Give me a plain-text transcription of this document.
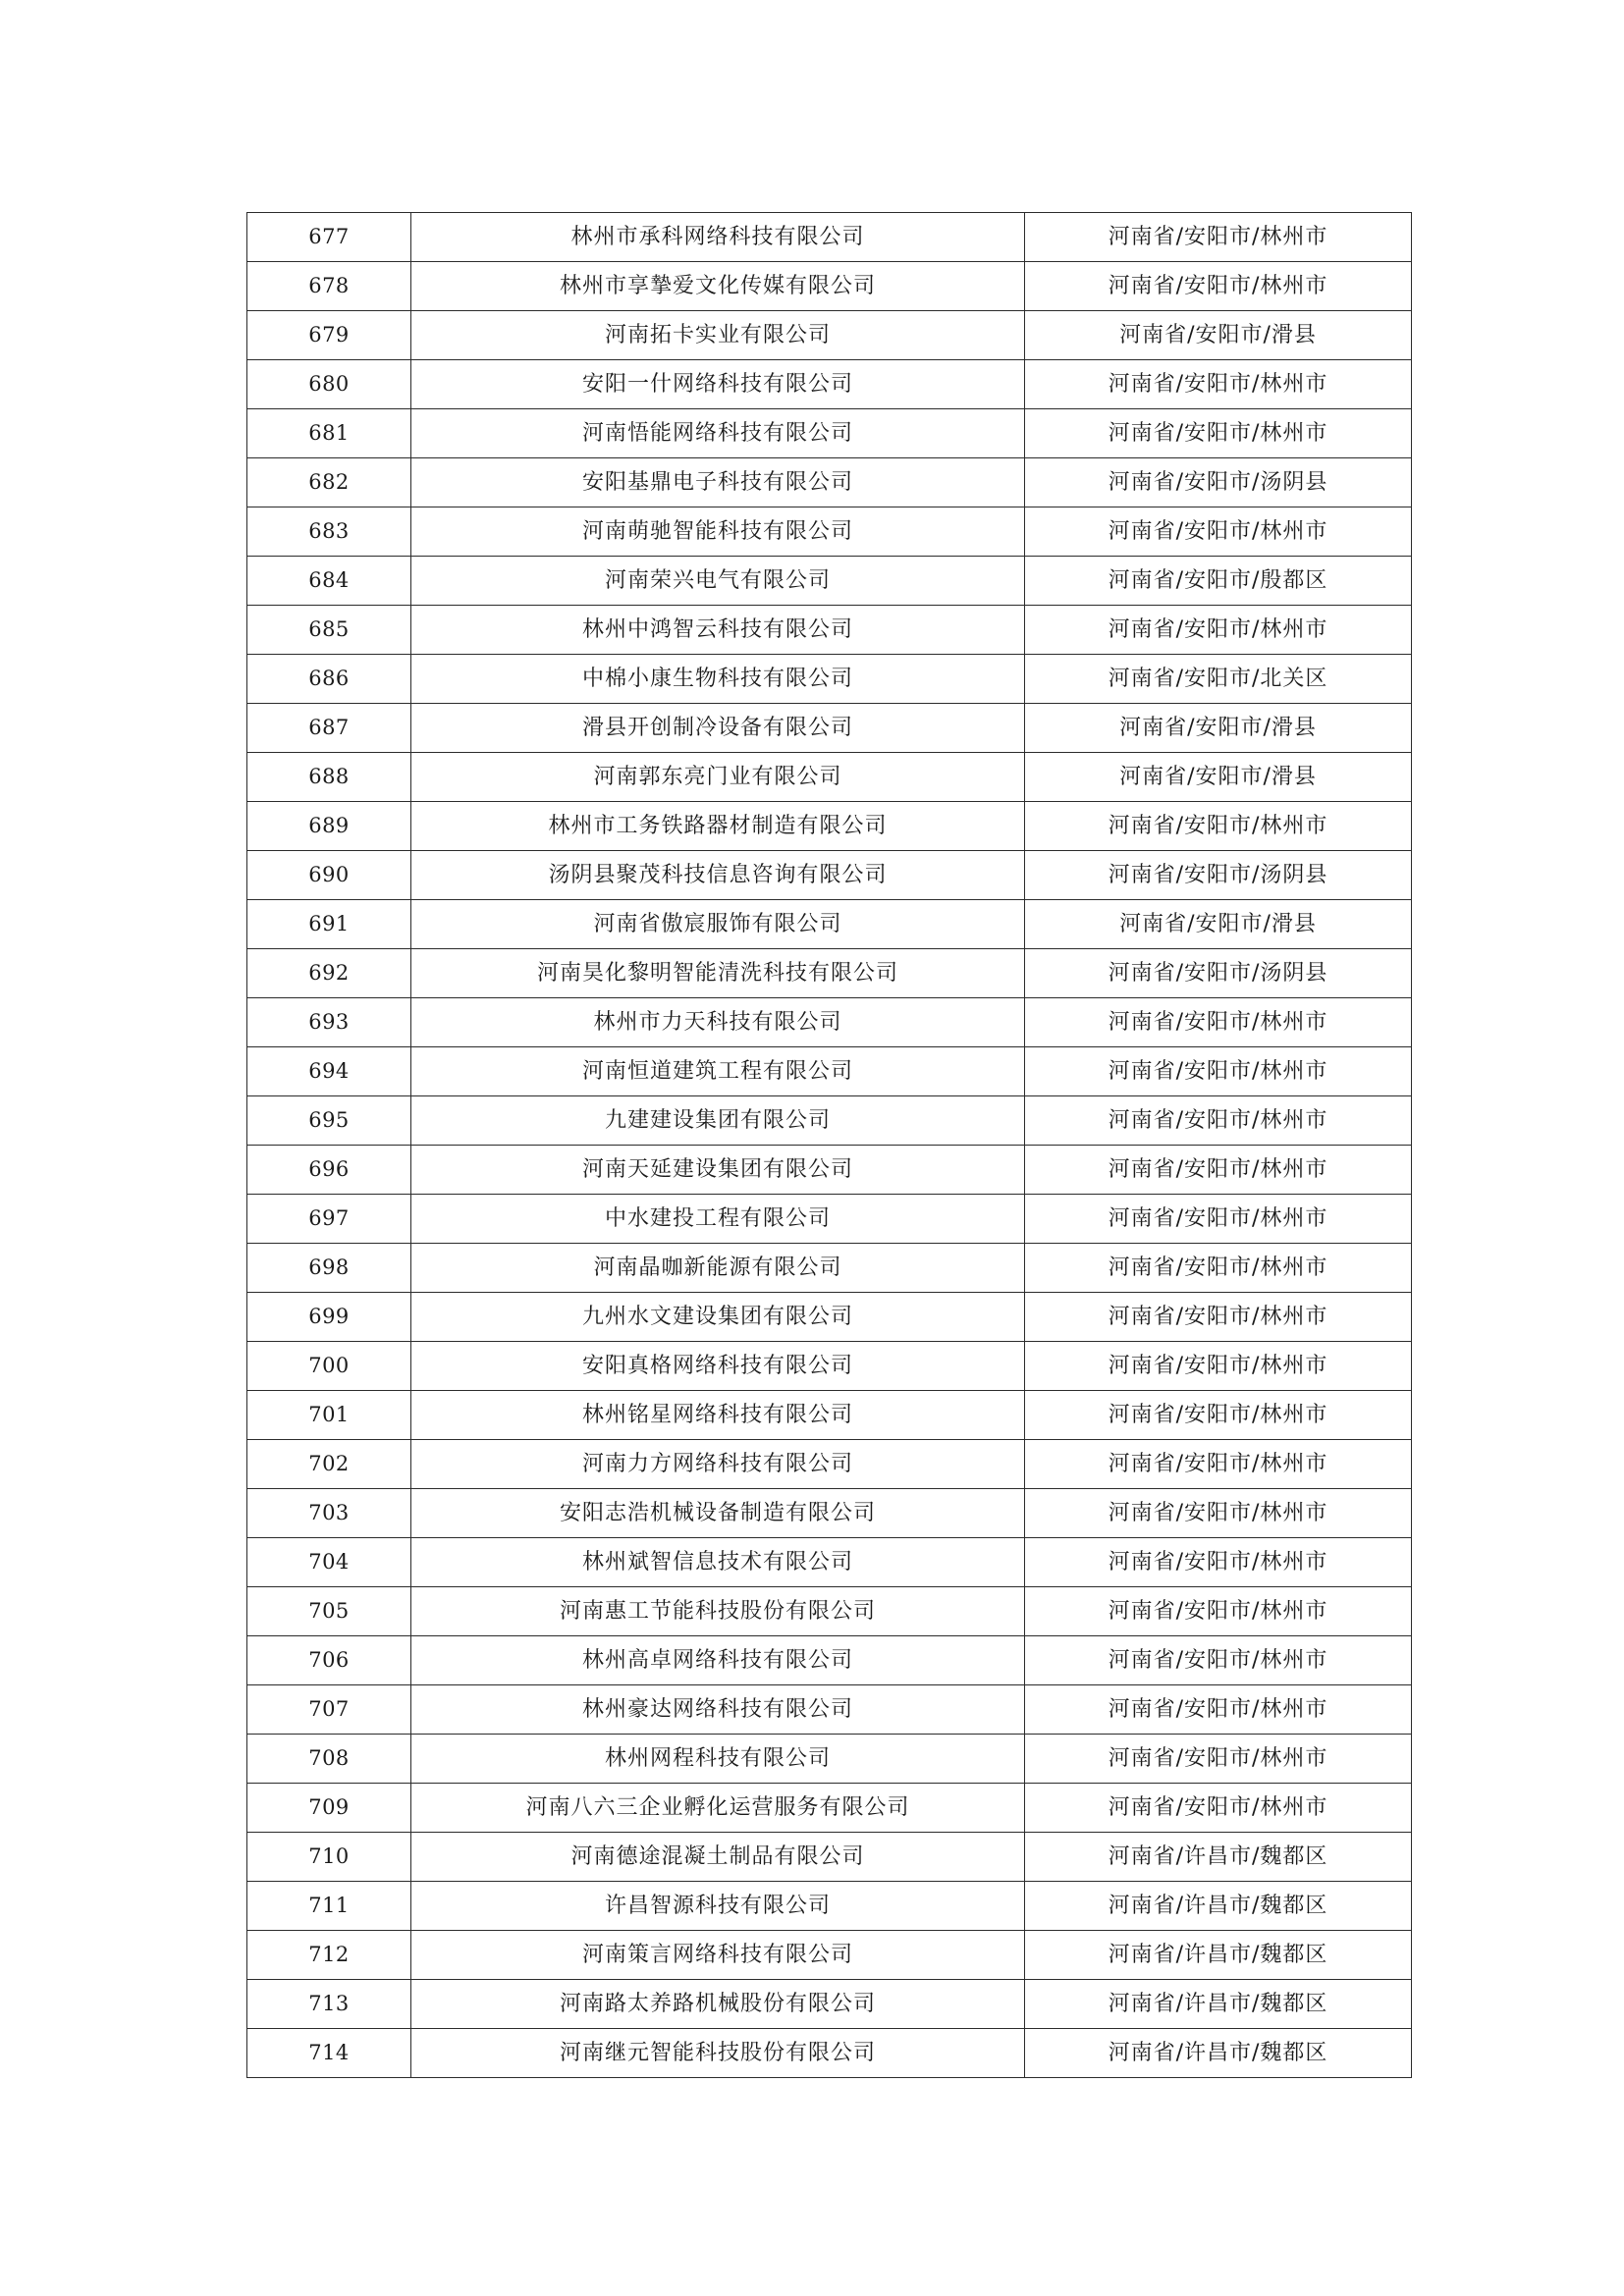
677	林州市承科网络科技有限公司	河南省/安阳市/林州市
678	林州市享摯爱文化传媒有限公司	河南省/安阳市/林州市
679	河南拓卡实业有限公司	河南省/安阳市/滑县
680	安阳一什网络科技有限公司	河南省/安阳市/林州市
681	河南悟能网络科技有限公司	河南省/安阳市/林州市
682	安阳基鼎电子科技有限公司	河南省/安阳市/汤阴县
683	河南萌驰智能科技有限公司	河南省/安阳市/林州市
684	河南荣兴电气有限公司	河南省/安阳市/殷都区
685	林州中鸿智云科技有限公司	河南省/安阳市/林州市
686	中棉小康生物科技有限公司	河南省/安阳市/北关区
687	滑县开创制冷设备有限公司	河南省/安阳市/滑县
688	河南郭东亮门业有限公司	河南省/安阳市/滑县
689	林州市工务铁路器材制造有限公司	河南省/安阳市/林州市
690	汤阴县聚茂科技信息咨询有限公司	河南省/安阳市/汤阴县
691	河南省傲宸服饰有限公司	河南省/安阳市/滑县
692	河南昊化黎明智能清洗科技有限公司	河南省/安阳市/汤阴县
693	林州市力天科技有限公司	河南省/安阳市/林州市
694	河南恒道建筑工程有限公司	河南省/安阳市/林州市
695	九建建设集团有限公司	河南省/安阳市/林州市
696	河南天延建设集团有限公司	河南省/安阳市/林州市
697	中水建投工程有限公司	河南省/安阳市/林州市
698	河南晶咖新能源有限公司	河南省/安阳市/林州市
699	九州水文建设集团有限公司	河南省/安阳市/林州市
700	安阳真格网络科技有限公司	河南省/安阳市/林州市
701	林州铭星网络科技有限公司	河南省/安阳市/林州市
702	河南力方网络科技有限公司	河南省/安阳市/林州市
703	安阳志浩机械设备制造有限公司	河南省/安阳市/林州市
704	林州斌智信息技术有限公司	河南省/安阳市/林州市
705	河南惠工节能科技股份有限公司	河南省/安阳市/林州市
706	林州高卓网络科技有限公司	河南省/安阳市/林州市
707	林州豪达网络科技有限公司	河南省/安阳市/林州市
708	林州网程科技有限公司	河南省/安阳市/林州市
709	河南八六三企业孵化运营服务有限公司	河南省/安阳市/林州市
710	河南德途混凝土制品有限公司	河南省/许昌市/魏都区
711	许昌智源科技有限公司	河南省/许昌市/魏都区
712	河南策言网络科技有限公司	河南省/许昌市/魏都区
713	河南路太养路机械股份有限公司	河南省/许昌市/魏都区
714	河南继元智能科技股份有限公司	河南省/许昌市/魏都区
